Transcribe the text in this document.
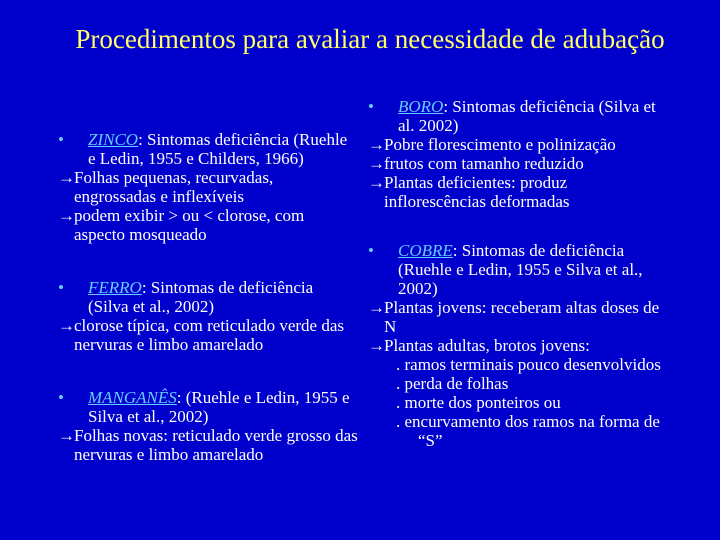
Procedimentos para avaliar a necessidade de adubação
•	ZINCO: Sintomas deficiência (Ruehle e Ledin, 1955 e Childers, 1966)
→Folhas pequenas, recurvadas, engrossadas e inflexíveis
→podem exibir > ou < clorose, com aspecto mosqueado
•	FERRO: Sintomas de deficiência (Silva et al., 2002)
→clorose típica, com reticulado verde das nervuras e limbo amarelado
•	MANGANÊS: (Ruehle e Ledin, 1955 e Silva et al., 2002)
→Folhas novas: reticulado verde grosso das nervuras e limbo amarelado
•	BORO: Sintomas deficiência (Silva et al. 2002)
→Pobre florescimento e polinização
→frutos com tamanho reduzido
→Plantas deficientes: produz inflorescências deformadas
•	COBRE: Sintomas de deficiência (Ruehle e Ledin, 1955 e Silva et al., 2002)
→Plantas jovens: receberam altas doses de N
→Plantas adultas, brotos jovens:
. ramos terminais pouco desenvolvidos
. perda de folhas
. morte dos ponteiros ou
. encurvamento dos ramos na forma de “S”
